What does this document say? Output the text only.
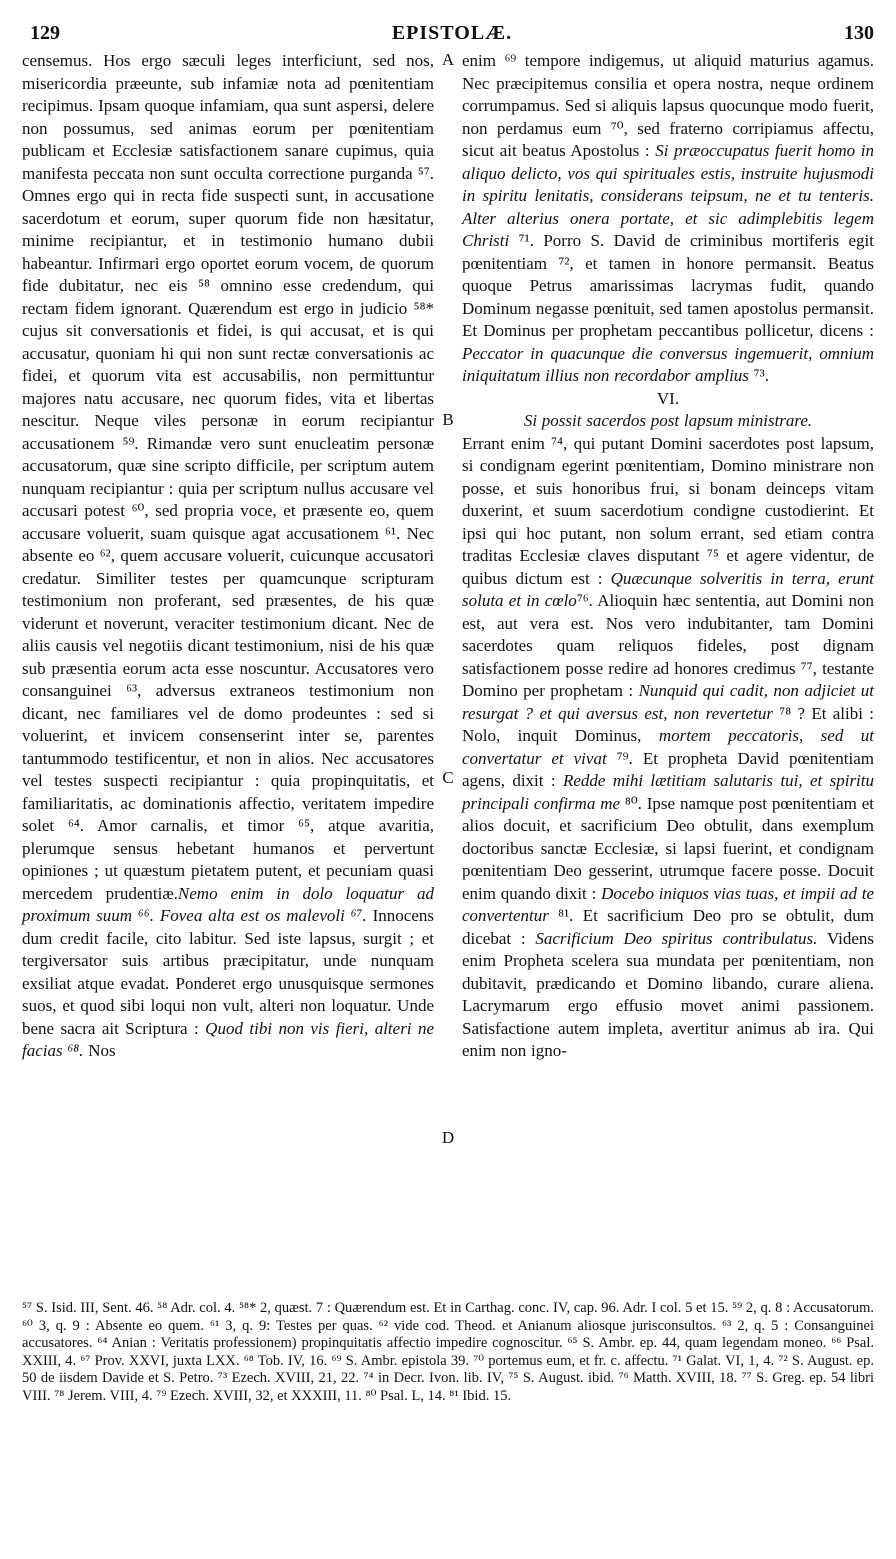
129	EPISTOLÆ.	130

censemus. Hos ergo sæculi leges interficiunt, sed nos, misericordia præeunte, sub infamiæ nota ad pœnitentiam recipimus. Ipsam quoque infamiam, qua sunt aspersi, delere non possumus, sed animas eorum per pœnitentiam publicam et Ecclesiæ satisfactionem sanare cupimus, quia manifesta peccata non sunt occulta correctione purganda ⁵⁷. Omnes ergo qui in recta fide suspecti sunt, in accusatione sacerdotum et eorum, super quorum fide non hæsitatur, minime recipiantur, et in testimonio humano dubii habeantur. Infirmari ergo oportet eorum vocem, de quorum fide dubitatur, nec eis ⁵⁸ omnino esse credendum, qui rectam fidem ignorant. Quærendum est ergo in judicio ⁵⁸* cujus sit conversationis et fidei, is qui accusat, et is qui accusatur, quoniam hi qui non sunt rectæ conversationis ac fidei, et quorum vita est accusabilis, non permittuntur majores natu accusare, nec quorum fides, vita et libertas nescitur. Neque viles personæ in eorum recipiantur accusationem ⁵⁹. Rimandæ vero sunt enucleatim personæ accusatorum, quæ sine scripto difficile, per scriptum autem nunquam recipiantur : quia per scriptum nullus accusare vel accusari potest ⁶⁰, sed propria voce, et præsente eo, quem accusare voluerit, suam quisque agat accusationem ⁶¹. Nec absente eo ⁶², quem accusare voluerit, cuicunque accusatori credatur. Similiter testes per quamcunque scripturam testimonium non proferant, sed præsentes, de his quæ viderunt et noverunt, veraciter testimonium dicant. Nec de aliis causis vel negotiis dicant testimonium, nisi de his quæ sub præsentia eorum acta esse noscuntur. Accusatores vero consanguinei ⁶³, adversus extraneos testimonium non dicant, nec familiares vel de domo prodeuntes : sed si voluerint, et invicem consenserint inter se, parentes tantummodo testificentur, et non in alios. Nec accusatores vel testes suspecti recipiantur : quia propinquitatis, et familiaritatis, ac dominationis affectio, veritatem impedire solet ⁶⁴. Amor carnalis, et timor ⁶⁵, atque avaritia, plerumque sensus hebetant humanos et pervertunt opiniones ; ut quæstum pietatem putent, et pecuniam quasi mercedem prudentiæ.Nemo enim in dolo loquatur ad proximum suum ⁶⁶. Fovea alta est os malevoli ⁶⁷. Innocens dum credit facile, cito labitur. Sed iste lapsus, surgit ; et tergiversator suis artibus præcipitatur, unde nunquam exsiliat atque evadat. Ponderet ergo unusquisque sermones suos, et quod sibi loqui non vult, alteri non loquatur. Unde bene sacra ait Scriptura : Quod tibi non vis fieri, alteri ne facias ⁶⁸. Nos

A
B
C
D

enim ⁶⁹ tempore indigemus, ut aliquid maturius agamus. Nec præcipitemus consilia et opera nostra, neque ordinem corrumpamus. Sed si aliquis lapsus quocunque modo fuerit, non perdamus eum ⁷⁰, sed fraterno corripiamus affectu, sicut ait beatus Apostolus : Si præoccupatus fuerit homo in aliquo delicto, vos qui spirituales estis, instruite hujusmodi in spiritu lenitatis, considerans teipsum, ne et tu tenteris. Alter alterius onera portate, et sic adimplebitis legem Christi ⁷¹. Porro S. David de criminibus mortiferis egit pœnitentiam ⁷², et tamen in honore permansit. Beatus quoque Petrus amarissimas lacrymas fudit, quando Dominum negasse pœnituit, sed tamen apostolus permansit. Et Dominus per prophetam peccantibus pollicetur, dicens : Peccator in quacunque die conversus ingemuerit, omnium iniquitatum illius non recordabor amplius ⁷³.

VI.

Si possit sacerdos post lapsum ministrare.

Errant enim ⁷⁴, qui putant Domini sacerdotes post lapsum, si condignam egerint pœnitentiam, Domino ministrare non posse, et suis honoribus frui, si bonam deinceps vitam duxerint, et suum sacerdotium condigne custodierint. Et ipsi qui hoc putant, non solum errant, sed etiam contra traditas Ecclesiæ claves disputant ⁷⁵ et agere videntur, de quibus dictum est : Quæcunque solveritis in terra, erunt soluta et in cœlo⁷⁶. Alioquin hæc sententia, aut Domini non est, aut vera est. Nos vero indubitanter, tam Domini sacerdotes quam reliquos fideles, post dignam satisfactionem posse redire ad honores credimus ⁷⁷, testante Domino per prophetam : Nunquid qui cadit, non adjiciet ut resurgat ? et qui aversus est, non revertetur ⁷⁸ ? Et alibi : Nolo, inquit Dominus, mortem peccatoris, sed ut convertatur et vivat ⁷⁹. Et propheta David pœnitentiam agens, dixit : Redde mihi lætitiam salutaris tui, et spiritu principali confirma me ⁸⁰. Ipse namque post pœnitentiam et alios docuit, et sacrificium Deo obtulit, dans exemplum doctoribus sanctæ Ecclesiæ, si lapsi fuerint, et condignam pœnitentiam Deo gesserint, utrumque facere posse. Docuit enim quando dixit : Docebo iniquos vias tuas, et impii ad te convertentur ⁸¹. Et sacrificium Deo pro se obtulit, dum dicebat : Sacrificium Deo spiritus contribulatus. Videns enim Propheta scelera sua mundata per pœnitentiam, non dubitavit, prædicando et Domino libando, curare aliena. Lacrymarum ergo effusio movet animi passionem. Satisfactione autem impleta, avertitur animus ab ira. Qui enim non igno-

⁵⁷ S. Isid. III, Sent. 46. ⁵⁸ Adr. col. 4. ⁵⁸* 2, quæst. 7 : Quærendum est. Et in Carthag. conc. IV, cap. 96. Adr. I col. 5 et 15. ⁵⁹ 2, q. 8 : Accusatorum. ⁶⁰ 3, q. 9 : Absente eo quem. ⁶¹ 3, q. 9: Testes per quas. ⁶² vide cod. Theod. et Anianum aliosque jurisconsultos. ⁶³ 2, q. 5 : Consanguinei accusatores. ⁶⁴ Anian : Veritatis professionem) propinquitatis affectio impedire cognoscitur. ⁶⁵ S. Ambr. ep. 44, quam legendam moneo. ⁶⁶ Psal. XXIII, 4. ⁶⁷ Prov. XXVI, juxta LXX. ⁶⁸ Tob. IV, 16. ⁶⁹ S. Ambr. epistola 39. ⁷⁰ portemus eum, et fr. c. affectu. ⁷¹ Galat. VI, 1, 4. ⁷² S. August. ep. 50 de iisdem Davide et S. Petro. ⁷³ Ezech. XVIII, 21, 22. ⁷⁴ in Decr. Ivon. lib. IV, ⁷⁵ S. August. ibid. ⁷⁶ Matth. XVIII, 18. ⁷⁷ S. Greg. ep. 54 libri VIII. ⁷⁸ Jerem. VIII, 4. ⁷⁹ Ezech. XVIII, 32, et XXXIII, 11. ⁸⁰ Psal. L, 14. ⁸¹ Ibid. 15.
